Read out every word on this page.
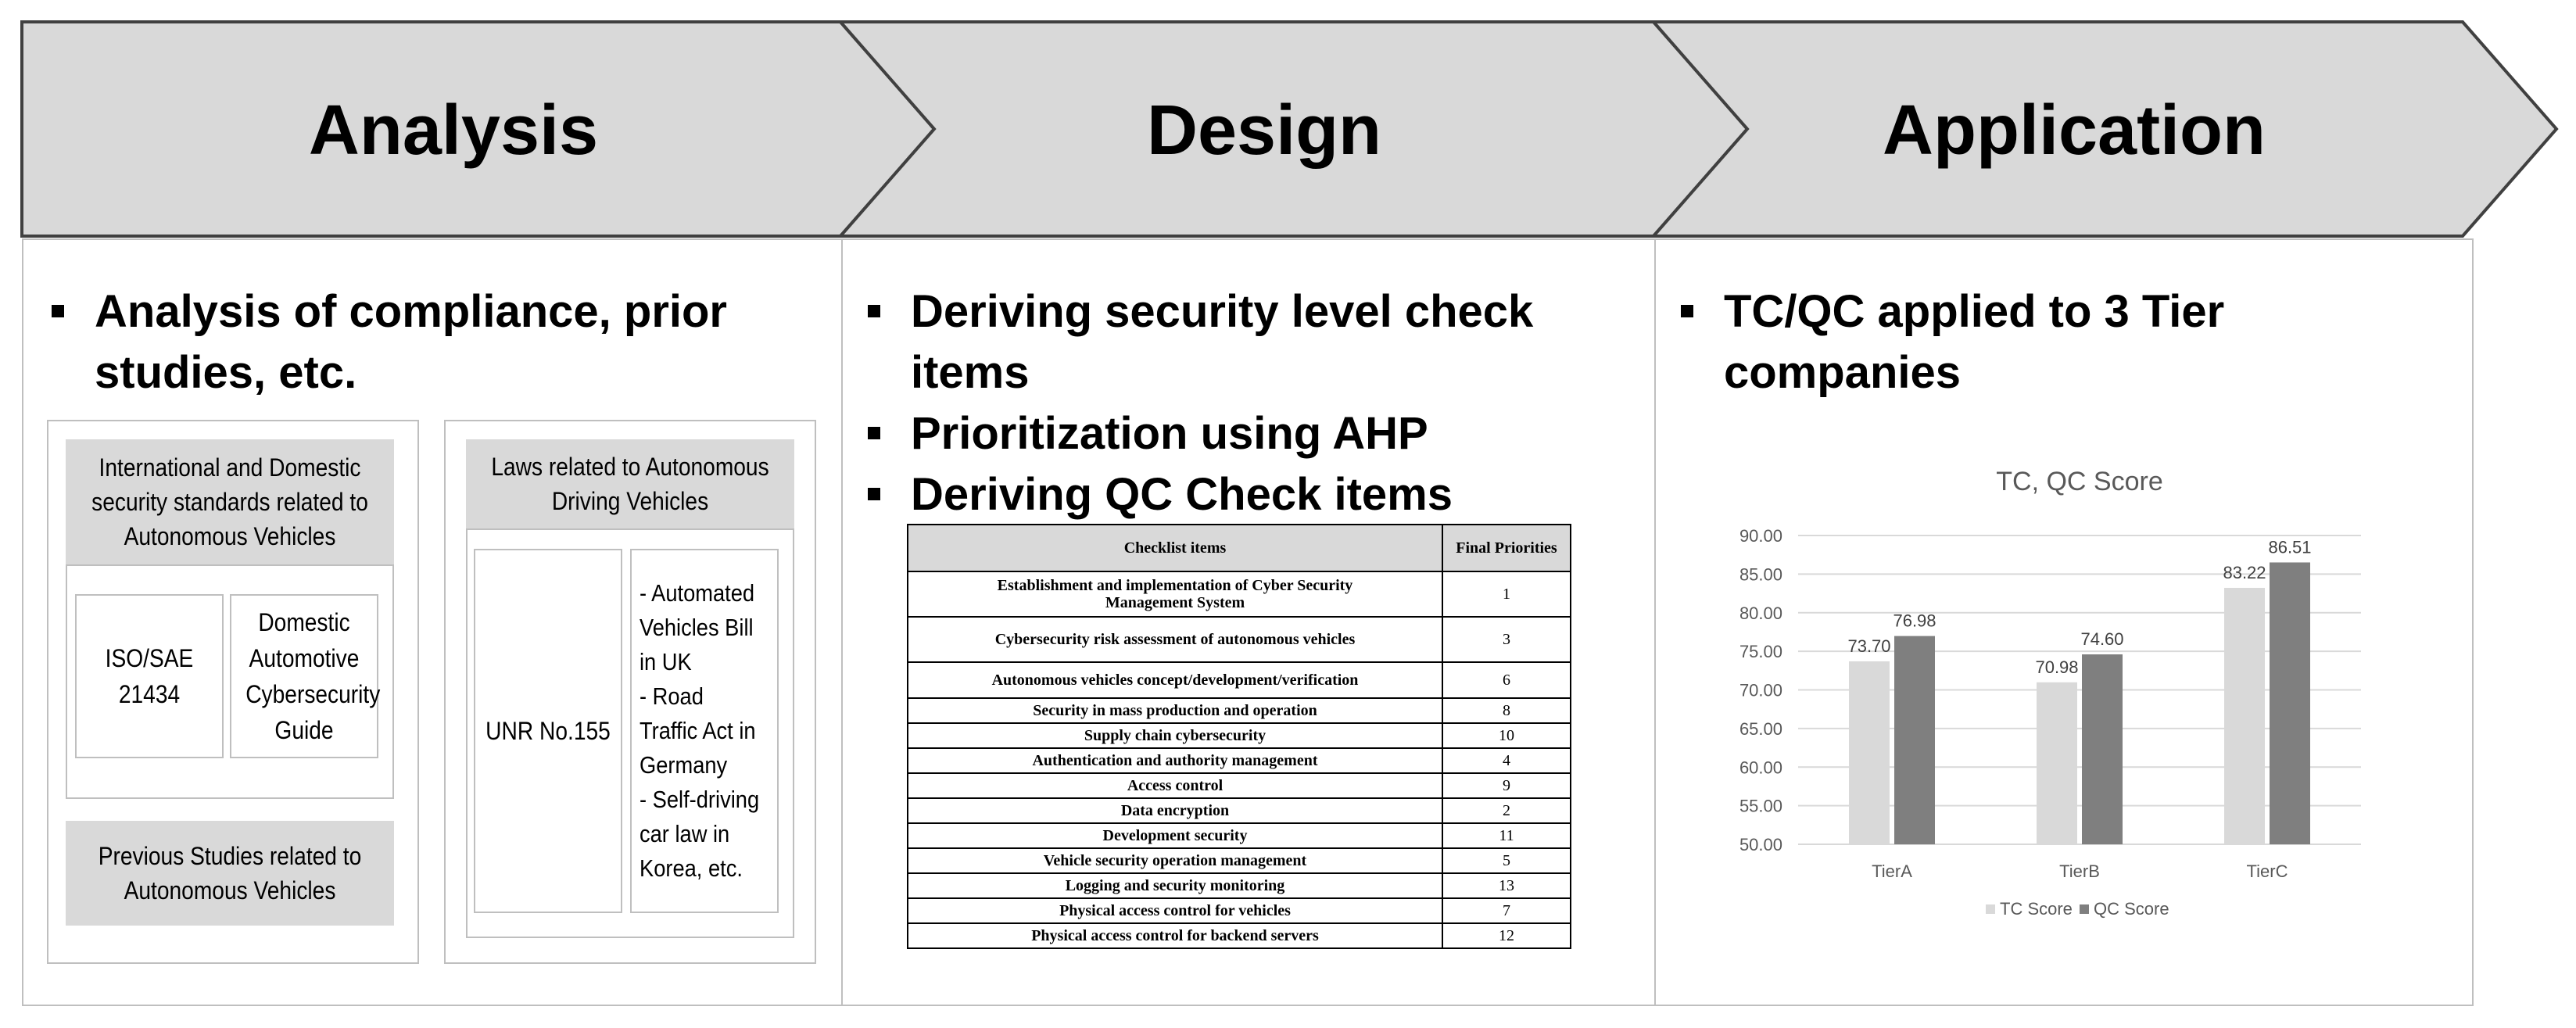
Analysis	Design	Application
Analysis of compliance, prior studies, etc.
International and Domestic security standards related to Autonomous Vehicles
ISO/SAE 21434
Domestic Automotive Cybersecurity Guide
Previous Studies related to Autonomous Vehicles
Laws related to Autonomous Driving Vehicles
UNR No.155
- Automated Vehicles Bill in UK
- Road Traffic Act in Germany
- Self-driving car law in Korea, etc.
Deriving security level check items
Prioritization using AHP
Deriving QC Check items
Checklist items	Final Priorities
Establishment and implementation of Cyber Security Management System	1
Cybersecurity risk assessment of autonomous vehicles	3
Autonomous vehicles concept/development/verification	6
Security in mass production and operation	8
Supply chain cybersecurity	10
Authentication and authority management	4
Access control	9
Data encryption	2
Development security	11
Vehicle security operation management	5
Logging and security monitoring	13
Physical access control for vehicles	7
Physical access control for backend servers	12
TC/QC applied to 3 Tier companies
TC, QC Score
50.00
55.00
60.00
65.00
70.00
75.00
80.00
85.00
90.00
73.70
76.98
TierA
70.98
74.60
TierB
83.22
86.51
TierC
TC Score QC Score
